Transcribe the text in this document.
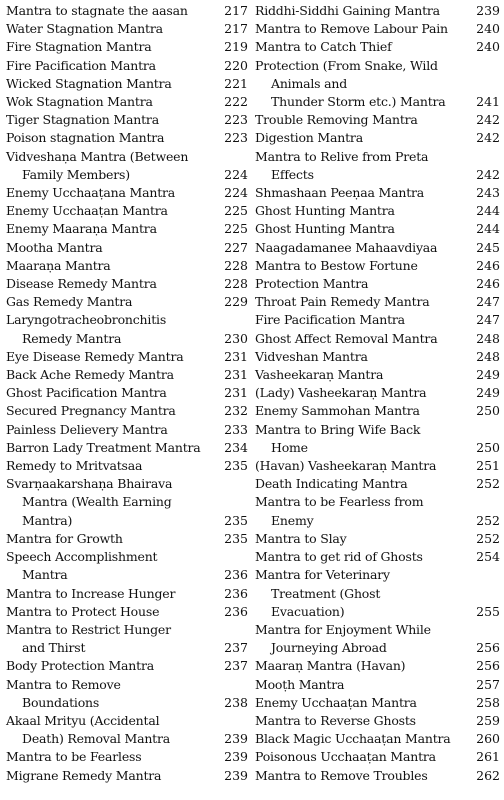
Mantra to stagnate the aasan	217
Water Stagnation Mantra	217
Fire Stagnation Mantra	219
Fire Pacification Mantra	220
Wicked Stagnation Mantra	221
Wok Stagnation Mantra	222
Tiger Stagnation Mantra	223
Poison stagnation Mantra	223
Vidveshaṇa Mantra (Between
Family Members)	224
Enemy Ucchaaṭana Mantra	224
Enemy Ucchaaṭan Mantra	225
Enemy Maaraṇa Mantra	225
Mootha Mantra	227
Maaraṇa Mantra	228
Disease Remedy Mantra	228
Gas Remedy Mantra	229
Laryngotracheobronchitis
Remedy Mantra	230
Eye Disease Remedy Mantra	231
Back Ache Remedy Mantra	231
Ghost Pacification Mantra	231
Secured Pregnancy Mantra	232
Painless Delievery Mantra	233
Barron Lady Treatment Mantra	234
Remedy to Mritvatsaa	235
Svarṇaakarshaṇa Bhairava
Mantra (Wealth Earning
Mantra)	235
Mantra for Growth	235
Speech Accomplishment
Mantra	236
Mantra to Increase Hunger	236
Mantra to Protect House	236
Mantra to Restrict Hunger
and Thirst	237
Body Protection Mantra	237
Mantra to Remove
Boundations	238
Akaal Mrityu (Accidental
Death) Removal Mantra	239
Mantra to be Fearless	239
Migrane Remedy Mantra	239
Riddhi-Siddhi Gaining Mantra	239
Mantra to Remove Labour Pain	240
Mantra to Catch Thief	240
Protection (From Snake, Wild
Animals and
Thunder Storm etc.) Mantra	241
Trouble Removing Mantra	242
Digestion Mantra	242
Mantra to Relive from Preta
Effects	242
Shmashaan Peeṇaa Mantra	243
Ghost Hunting Mantra	244
Ghost Hunting Mantra	244
Naagadamanee Mahaavdiyaa	245
Mantra to Bestow Fortune	246
Protection Mantra	246
Throat Pain Remedy Mantra	247
Fire Pacification Mantra	247
Ghost Affect Removal Mantra	248
Vidveshan Mantra	248
Vasheekaraṇ Mantra	249
(Lady) Vasheekaraṇ Mantra	249
Enemy Sammohan Mantra	250
Mantra to Bring Wife Back
Home	250
(Havan) Vasheekaraṇ Mantra	251
Death Indicating Mantra	252
Mantra to be Fearless from
Enemy	252
Mantra to Slay	252
Mantra to get rid of Ghosts	254
Mantra for Veterinary
Treatment (Ghost
Evacuation)	255
Mantra for Enjoyment While
Journeying Abroad	256
Maaraṇ Mantra (Havan)	256
Mooṭh Mantra	257
Enemy Ucchaaṭan Mantra	258
Mantra to Reverse Ghosts	259
Black Magic Ucchaaṭan Mantra	260
Poisonous Ucchaaṭan Mantra	261
Mantra to Remove Troubles	262
